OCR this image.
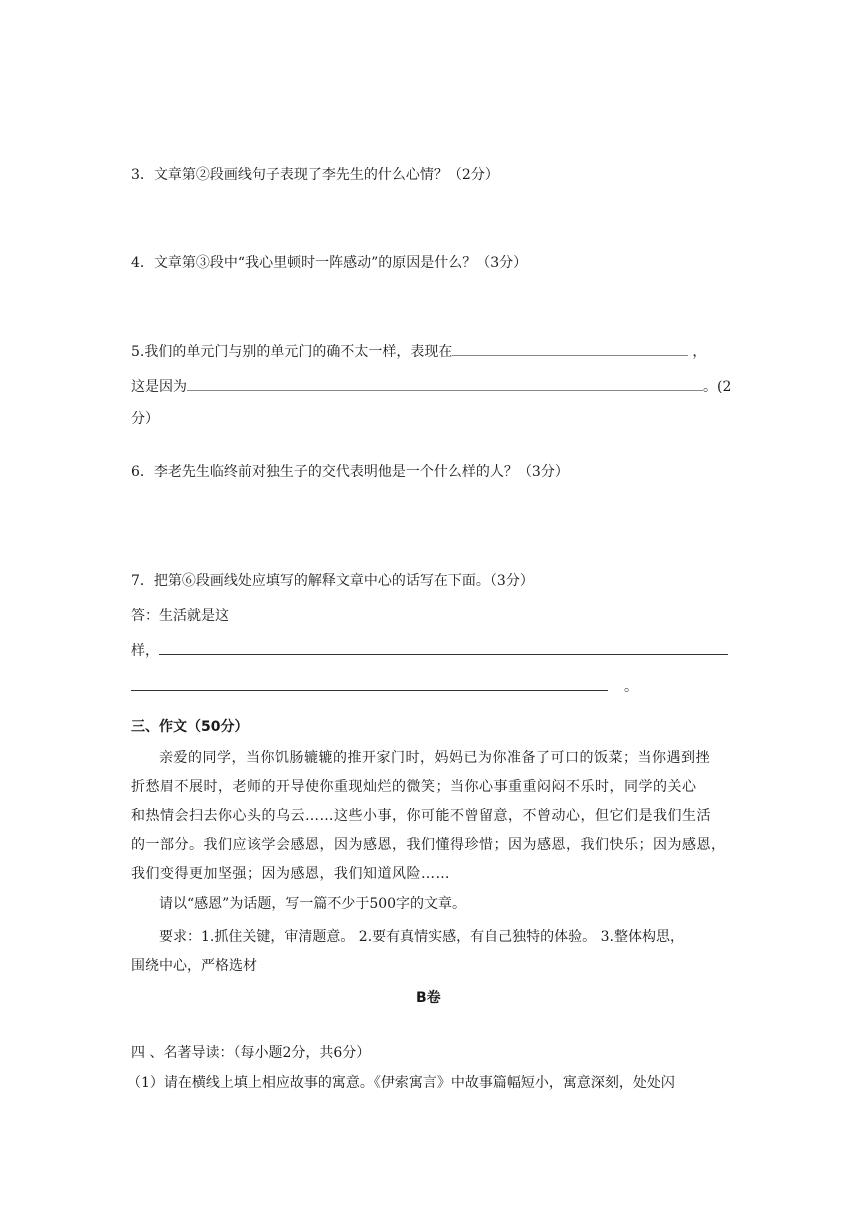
3．文章第②段画线句子表现了李先生的什么心情？（2分）
4．文章第③段中“我心里顿时一阵感动”的原因是什么？（3分）
5.我们的单元门与别的单元门的确不太一样，表现在	，
这是因为	。(2
分）
6．李老先生临终前对独生子的交代表明他是一个什么样的人？（3分）
7．把第⑥段画线处应填写的解释文章中心的话写在下面。（3分）
答：生活就是这
样，
。
三、作文（50分）
亲爱的同学，当你饥肠辘辘的推开家门时，妈妈已为你准备了可口的饭菜；当你遇到挫
折愁眉不展时，老师的开导使你重现灿烂的微笑；当你心事重重闷闷不乐时，同学的关心
和热情会扫去你心头的乌云……这些小事，你可能不曾留意，不曾动心，但它们是我们生活
的一部分。我们应该学会感恩，因为感恩，我们懂得珍惜；因为感恩，我们快乐；因为感恩，
我们变得更加坚强；因为感恩，我们知道风险……
请以“感恩”为话题，写一篇不少于500字的文章。
要求：1.抓住关键，审清题意。 2.要有真情实感，有自己独特的体验。 3.整体构思，
围绕中心，严格选材
B卷
四 、名著导读：（每小题2分，共6分）
（1）请在横线上填上相应故事的寓意。《伊索寓言》中故事篇幅短小，寓意深刻，处处闪
